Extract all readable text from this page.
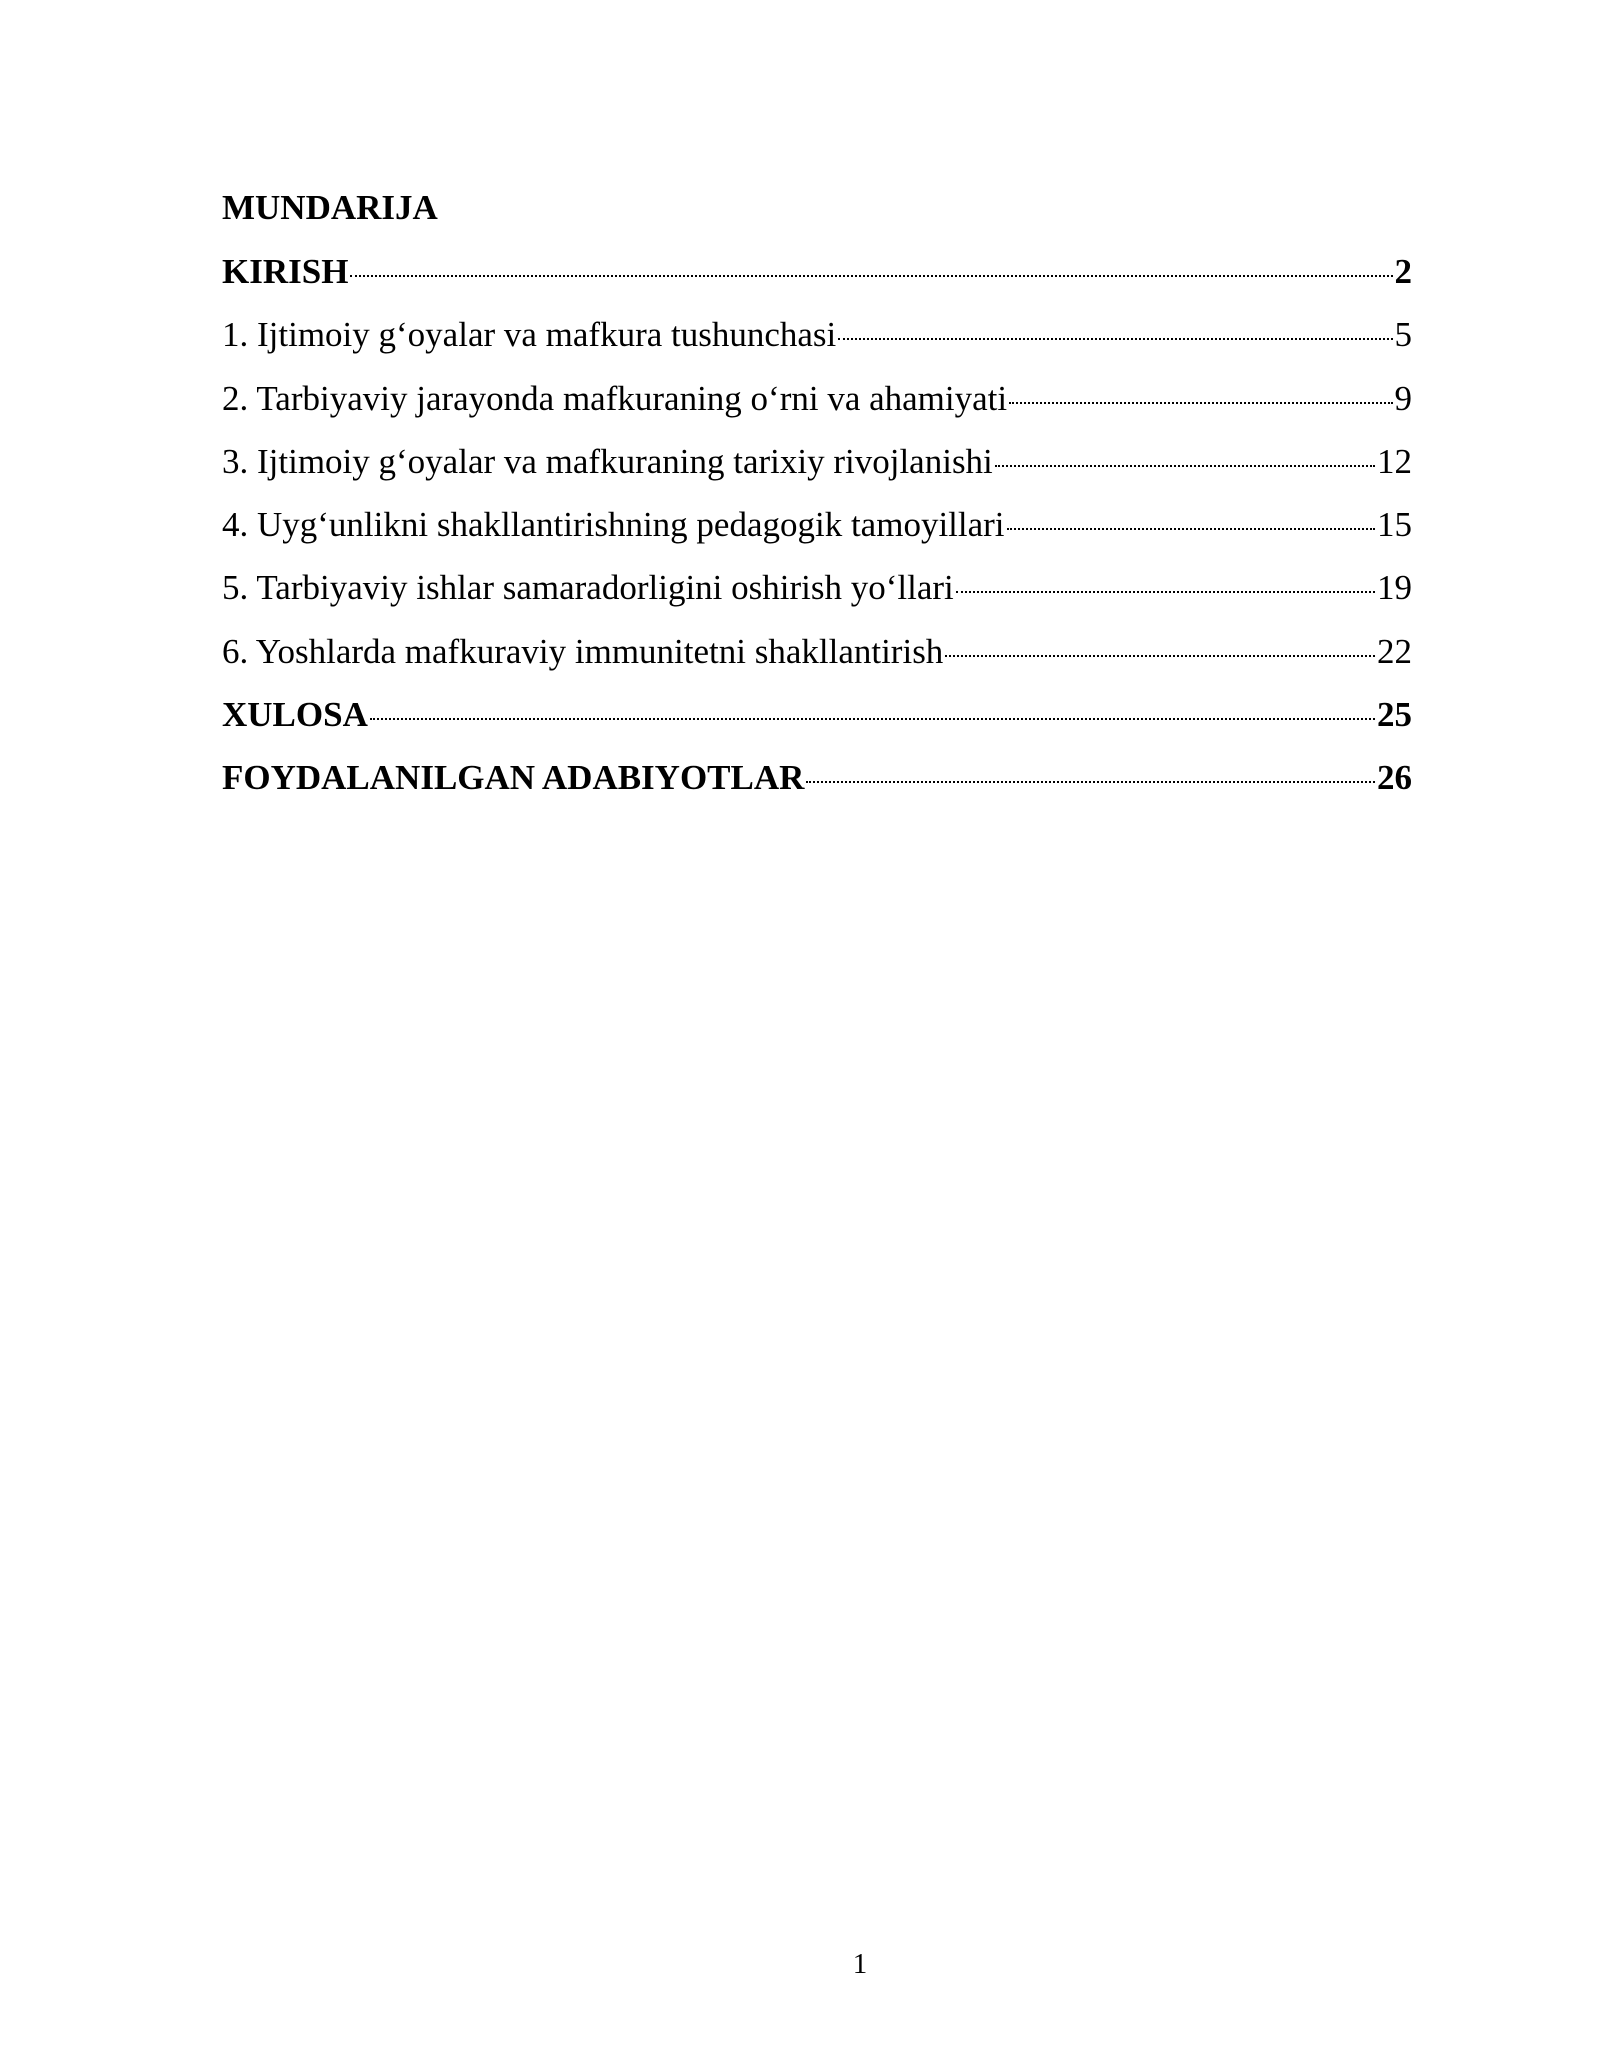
MUNDARIJA
KIRISH	2
1. Ijtimoiy g‘oyalar va mafkura tushunchasi	5
2. Tarbiyaviy jarayonda mafkuraning o‘rni va ahamiyati	9
3. Ijtimoiy g‘oyalar va mafkuraning tarixiy rivojlanishi	12
4. Uyg‘unlikni shakllantirishning pedagogik tamoyillari	15
5. Tarbiyaviy ishlar samaradorligini oshirish yo‘llari	19
6. Yoshlarda mafkuraviy immunitetni shakllantirish	22
XULOSA	25
FOYDALANILGAN ADABIYOTLAR	26
1
